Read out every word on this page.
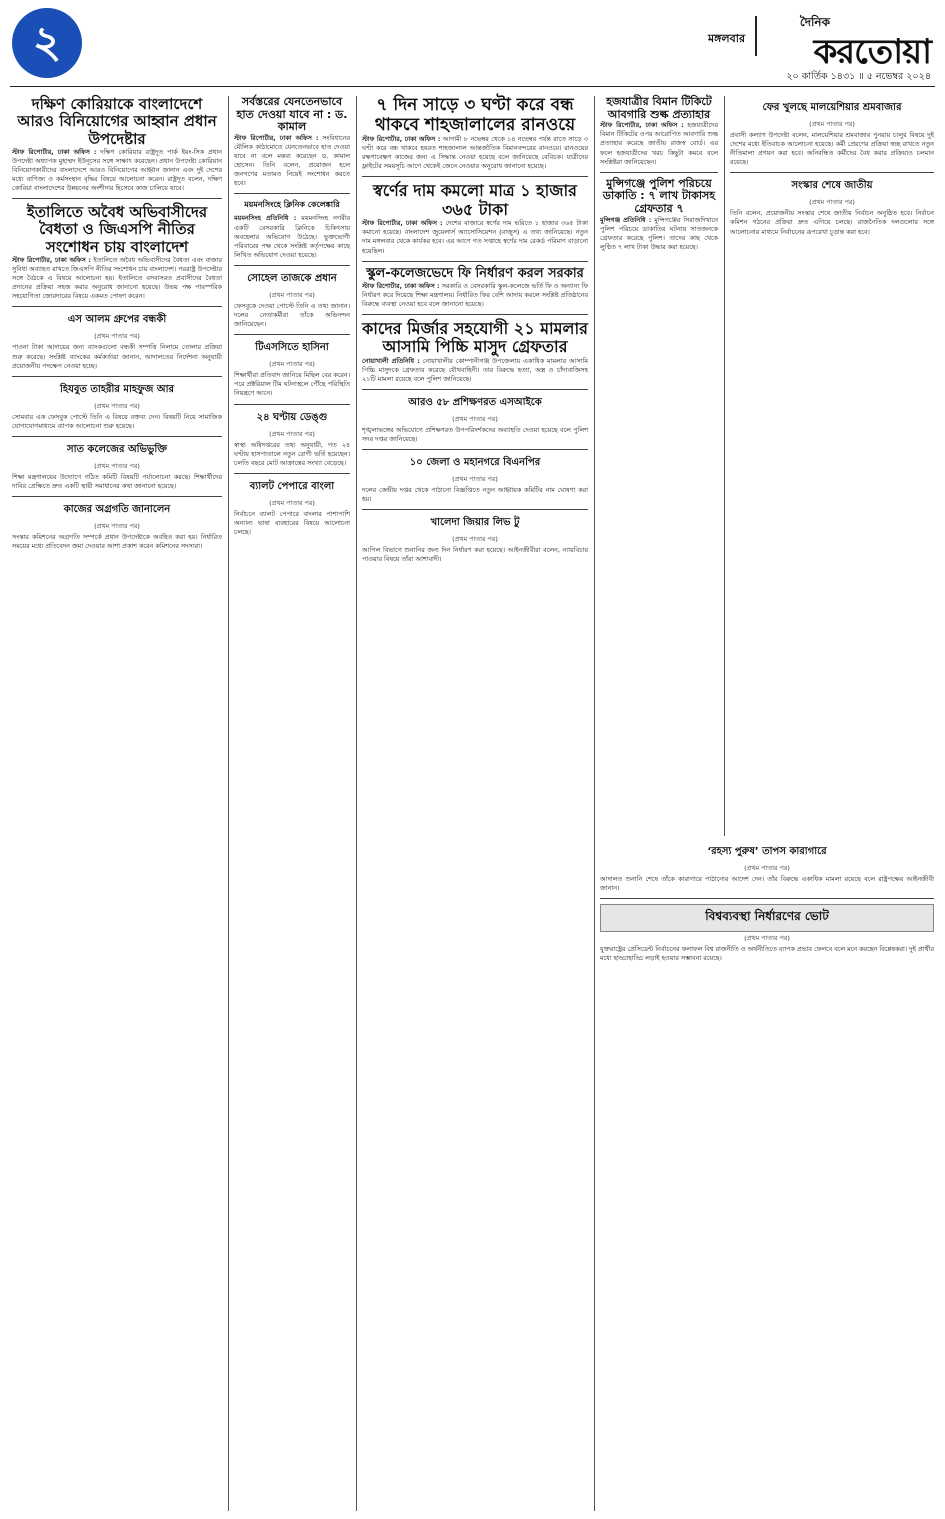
২	মঙ্গলবার
দৈনিক
করতোয়া
২০ কার্তিক ১৪৩১ ॥ ৫ নভেম্বর ২০২৪
দক্ষিণ কোরিয়াকে বাংলাদেশে আরও বিনিয়োগের আহ্বান প্রধান উপদেষ্টার

স্টাফ রিপোর্টার, ঢাকা অফিস : দক্ষিণ কোরিয়ার রাষ্ট্রদূত পার্ক ইয়ং-সিক প্রধান উপদেষ্টা অধ্যাপক মুহাম্মদ ইউনূসের সঙ্গে সাক্ষাৎ করেছেন। প্রধান উপদেষ্টা কোরিয়ান বিনিয়োগকারীদের বাংলাদেশে আরও বিনিয়োগের আহ্বান জানান এবং দুই দেশের মধ্যে বাণিজ্য ও কর্মসংস্থান বৃদ্ধির বিষয়ে আলোচনা করেন। রাষ্ট্রদূত বলেন, দক্ষিণ কোরিয়া বাংলাদেশের উন্নয়নের অংশীদার হিসেবে কাজ চালিয়ে যাবে।

ইতালিতে অবৈধ অভিবাসীদের বৈধতা ও জিএসপি নীতির সংশোধন চায় বাংলাদেশ

স্টাফ রিপোর্টার, ঢাকা অফিস : ইতালিতে অবৈধ অভিবাসীদের বৈধতা এবং বাজার সুবিধা অব্যাহত রাখতে জিএসপি নীতির সংশোধন চায় বাংলাদেশ। পররাষ্ট্র উপদেষ্টার সঙ্গে বৈঠকে এ বিষয়ে আলোচনা হয়। ইতালিতে বসবাসরত প্রবাসীদের বৈধতা প্রদানের প্রক্রিয়া সহজ করার অনুরোধ জানানো হয়েছে। উভয় পক্ষ পারস্পরিক সহযোগিতা জোরদারের বিষয়ে একমত পোষণ করেন।

এস আলম গ্রুপের বন্ধকী
(প্রথম পাতার পর)

পাওনা টাকা আদায়ের জন্য ব্যাংকগুলো বন্ধকী সম্পত্তি নিলামে তোলার প্রক্রিয়া শুরু করেছে। সংশ্লিষ্ট ব্যাংকের কর্মকর্তারা জানান, আদালতের নির্দেশনা অনুযায়ী প্রয়োজনীয় পদক্ষেপ নেওয়া হচ্ছে।

হিযবুত তাহরীর মাহফুজ আর
(প্রথম পাতার পর)

সোমবার এক ফেসবুক পোস্টে তিনি এ বিষয়ে বক্তব্য দেন। বিষয়টি নিয়ে সামাজিক যোগাযোগমাধ্যমে ব্যাপক আলোচনা শুরু হয়েছে।

সাত কলেজের অভিভুক্তি
(প্রথম পাতার পর)

শিক্ষা মন্ত্রণালয়ের উদ্যোগে গঠিত কমিটি বিষয়টি পর্যালোচনা করছে। শিক্ষার্থীদের দাবির প্রেক্ষিতে দ্রুত একটি স্থায়ী সমাধানের কথা জানানো হয়েছে।

কাজের অগ্রগতি জানালেন
(প্রথম পাতার পর)

সংস্কার কমিশনের অগ্রগতি সম্পর্কে প্রধান উপদেষ্টাকে অবহিত করা হয়। নির্ধারিত সময়ের মধ্যে প্রতিবেদন জমা দেওয়ার আশা প্রকাশ করেন কমিশনের সদস্যরা।

সর্বস্তরের যেনতেনভাবে হাত দেওয়া যাবে না : ড. কামাল

স্টাফ রিপোর্টার, ঢাকা অফিস : সংবিধানের মৌলিক কাঠামোতে যেনতেনভাবে হাত দেওয়া যাবে না বলে মন্তব্য করেছেন ড. কামাল হোসেন। তিনি বলেন, প্রয়োজন হলে জনগণের মতামত নিয়েই সংশোধন করতে হবে।

ময়মনসিংহে ক্লিনিক কেলেঙ্কারি

ময়মনসিংহ প্রতিনিধি : ময়মনসিংহ নগরীর একটি বেসরকারি ক্লিনিকে চিকিৎসায় অবহেলার অভিযোগ উঠেছে। ভুক্তভোগী পরিবারের পক্ষ থেকে সংশ্লিষ্ট কর্তৃপক্ষের কাছে লিখিত অভিযোগ দেওয়া হয়েছে।

সোহেল তাজকে প্রধান
(প্রথম পাতার পর)

ফেসবুকে দেওয়া পোস্টে তিনি এ তথ্য জানান। দলের নেতাকর্মীরা তাঁকে অভিনন্দন জানিয়েছেন।

টিএসসিতে হাসিনা
(প্রথম পাতার পর)

শিক্ষার্থীরা প্রতিবাদ জানিয়ে মিছিল বের করেন। পরে প্রক্টরিয়াল টিম ঘটনাস্থলে পৌঁছে পরিস্থিতি নিয়ন্ত্রণে আনে।

২৪ ঘণ্টায় ডেঙ্গু
(প্রথম পাতার পর)

স্বাস্থ্য অধিদপ্তরের তথ্য অনুযায়ী, গত ২৪ ঘণ্টায় হাসপাতালে নতুন রোগী ভর্তি হয়েছেন। চলতি বছরে মোট আক্রান্তের সংখ্যা বেড়েছে।

ব্যালট পেপারে বাংলা
(প্রথম পাতার পর)

নির্বাচনে ব্যালট পেপারে বাংলার পাশাপাশি অন্যান্য ভাষা ব্যবহারের বিষয়ে আলোচনা চলছে।

৭ দিন সাড়ে ৩ ঘণ্টা করে বন্ধ থাকবে শাহজালালের রানওয়ে

স্টাফ রিপোর্টার, ঢাকা অফিস : আগামী ৮ নভেম্বর থেকে ১৪ নভেম্বর পর্যন্ত রাতে সাড়ে ৩ ঘণ্টা করে বন্ধ থাকবে হযরত শাহজালাল আন্তর্জাতিক বিমানবন্দরের রানওয়ে। রানওয়ের রক্ষণাবেক্ষণ কাজের জন্য এ সিদ্ধান্ত নেওয়া হয়েছে বলে জানিয়েছে বেবিচক। যাত্রীদের ফ্লাইটের সময়সূচি আগে থেকেই জেনে নেওয়ার অনুরোধ জানানো হয়েছে।

স্বর্ণের দাম কমলো মাত্র ১ হাজার ৩৬৫ টাকা

স্টাফ রিপোর্টার, ঢাকা অফিস : দেশের বাজারে স্বর্ণের দাম ভরিতে ১ হাজার ৩৬৫ টাকা কমানো হয়েছে। বাংলাদেশ জুয়েলার্স অ্যাসোসিয়েশন (বাজুস) এ তথ্য জানিয়েছে। নতুন দাম মঙ্গলবার থেকে কার্যকর হবে। এর আগে গত সপ্তাহে স্বর্ণের দাম রেকর্ড পরিমাণ বাড়ানো হয়েছিল।

স্কুল-কলেজভেদে ফি নির্ধারণ করল সরকার

স্টাফ রিপোর্টার, ঢাকা অফিস : সরকারি ও বেসরকারি স্কুল-কলেজে ভর্তি ফি ও অন্যান্য ফি নির্ধারণ করে দিয়েছে শিক্ষা মন্ত্রণালয়। নির্ধারিত ফির বেশি আদায় করলে সংশ্লিষ্ট প্রতিষ্ঠানের বিরুদ্ধে ব্যবস্থা নেওয়া হবে বলে জানানো হয়েছে।

কাদের মির্জার সহযোগী ২১ মামলার আসামি পিচ্চি মাসুদ গ্রেফতার

নোয়াখালী প্রতিনিধি : নোয়াখালীর কোম্পানীগঞ্জ উপজেলায় একাধিক মামলার আসামি পিচ্চি মাসুদকে গ্রেফতার করেছে যৌথবাহিনী। তার বিরুদ্ধে হত্যা, অস্ত্র ও চাঁদাবাজিসহ ২১টি মামলা রয়েছে বলে পুলিশ জানিয়েছে।

আরও ৫৮ প্রশিক্ষণরত এসআইকে
(প্রথম পাতার পর)

শৃঙ্খলাভঙ্গের অভিযোগে প্রশিক্ষণরত উপপরিদর্শকদের অব্যাহতি দেওয়া হয়েছে বলে পুলিশ সদর দপ্তর জানিয়েছে।

১০ জেলা ও মহানগরে বিএনপির
(প্রথম পাতার পর)

দলের কেন্দ্রীয় দপ্তর থেকে পাঠানো বিজ্ঞপ্তিতে নতুন আহ্বায়ক কমিটির নাম ঘোষণা করা হয়।

খালেদা জিয়ার লিভ টু
(প্রথম পাতার পর)

আপিল বিভাগে শুনানির জন্য দিন নির্ধারণ করা হয়েছে। আইনজীবীরা বলেন, ন্যায়বিচার পাওয়ার বিষয়ে তাঁরা আশাবাদী।

হজযাত্রীর বিমান টিকিটে আবগারি শুল্ক প্রত্যাহার

স্টাফ রিপোর্টার, ঢাকা অফিস : হজযাত্রীদের বিমান টিকিটের ওপর আরোপিত আবগারি শুল্ক প্রত্যাহার করেছে জাতীয় রাজস্ব বোর্ড। এর ফলে হজযাত্রীদের খরচ কিছুটা কমবে বলে সংশ্লিষ্টরা জানিয়েছেন।

মুন্সিগঞ্জে পুলিশ পরিচয়ে ডাকাতি : ৭ লাখ টাকাসহ গ্রেফতার ৭

মুন্সিগঞ্জ প্রতিনিধি : মুন্সিগঞ্জের সিরাজদিখানে পুলিশ পরিচয়ে ডাকাতির ঘটনায় সাতজনকে গ্রেফতার করেছে পুলিশ। তাদের কাছ থেকে লুণ্ঠিত ৭ লাখ টাকা উদ্ধার করা হয়েছে।

ফের খুলছে মালয়েশিয়ার শ্রমবাজার
(প্রথম পাতার পর)

প্রবাসী কল্যাণ উপদেষ্টা বলেন, মালয়েশিয়ার শ্রমবাজার পুনরায় চালুর বিষয়ে দুই দেশের মধ্যে ইতিবাচক আলোচনা হয়েছে। কর্মী প্রেরণের প্রক্রিয়া স্বচ্ছ রাখতে নতুন নীতিমালা প্রণয়ন করা হবে। অনিবন্ধিত কর্মীদের বৈধ করার প্রক্রিয়াও চলমান রয়েছে।

সংস্কার শেষে জাতীয়
(প্রথম পাতার পর)

তিনি বলেন, প্রয়োজনীয় সংস্কার শেষে জাতীয় নির্বাচন অনুষ্ঠিত হবে। নির্বাচন কমিশন গঠনের প্রক্রিয়া দ্রুত এগিয়ে চলছে। রাজনৈতিক দলগুলোর সঙ্গে আলোচনার মাধ্যমে নির্বাচনের রূপরেখা চূড়ান্ত করা হবে।

‘রহস্য পুরুষ’ তাপস কারাগারে
(প্রথম পাতার পর)

আদালত শুনানি শেষে তাঁকে কারাগারে পাঠানোর আদেশ দেন। তাঁর বিরুদ্ধে একাধিক মামলা রয়েছে বলে রাষ্ট্রপক্ষের আইনজীবী জানান।

বিশ্বব্যবস্থা নির্ধারণের ভোট
(প্রথম পাতার পর)

যুক্তরাষ্ট্রের প্রেসিডেন্ট নির্বাচনের ফলাফল বিশ্ব রাজনীতি ও অর্থনীতিতে ব্যাপক প্রভাব ফেলবে বলে মনে করছেন বিশ্লেষকরা। দুই প্রার্থীর মধ্যে হাড্ডাহাড্ডি লড়াই হওয়ার সম্ভাবনা রয়েছে।
